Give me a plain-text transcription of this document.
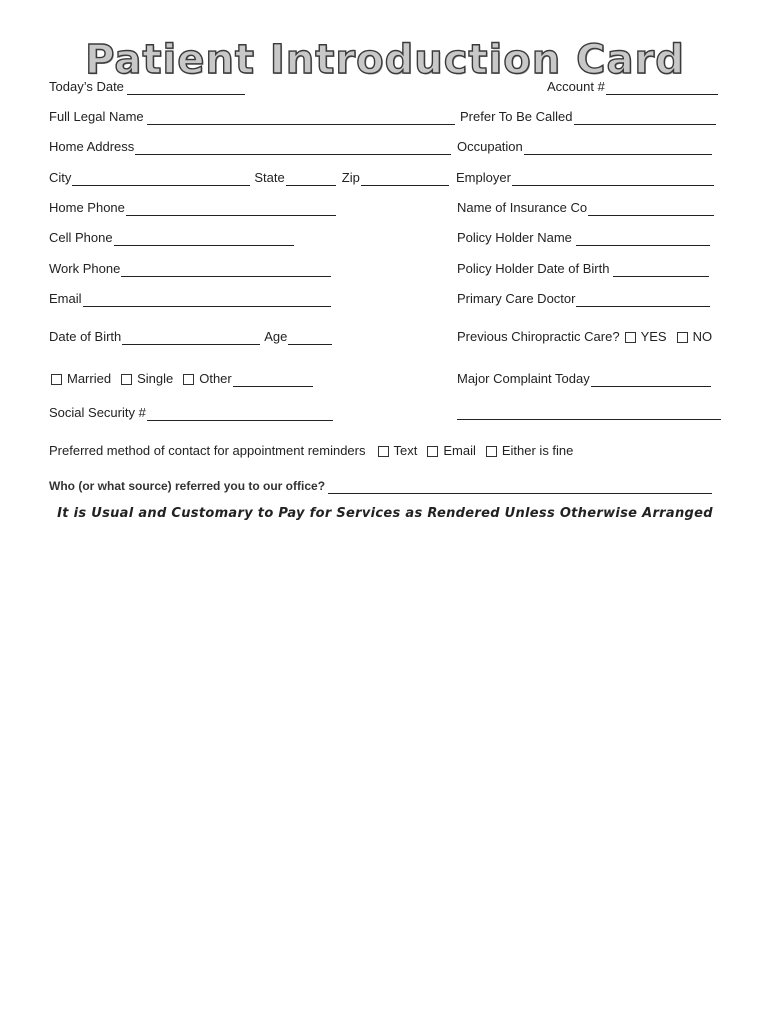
Patient Introduction Card
Today’s Date	Account #
Full Legal Name	Prefer To Be Called
Home Address	Occupation
City	State	Zip	Employer
Home Phone	Name of Insurance Co
Cell Phone	Policy Holder Name
Work Phone	Policy Holder Date of Birth
Email	Primary Care Doctor
Date of Birth	Age	Previous Chiropractic Care? YES NO
Married Single Other	Major Complaint Today
Social Security #
Preferred method of contact for appointment reminders Text Email Either is fine
Who (or what source) referred you to our office?
It is Usual and Customary to Pay for Services as Rendered Unless Otherwise Arranged
